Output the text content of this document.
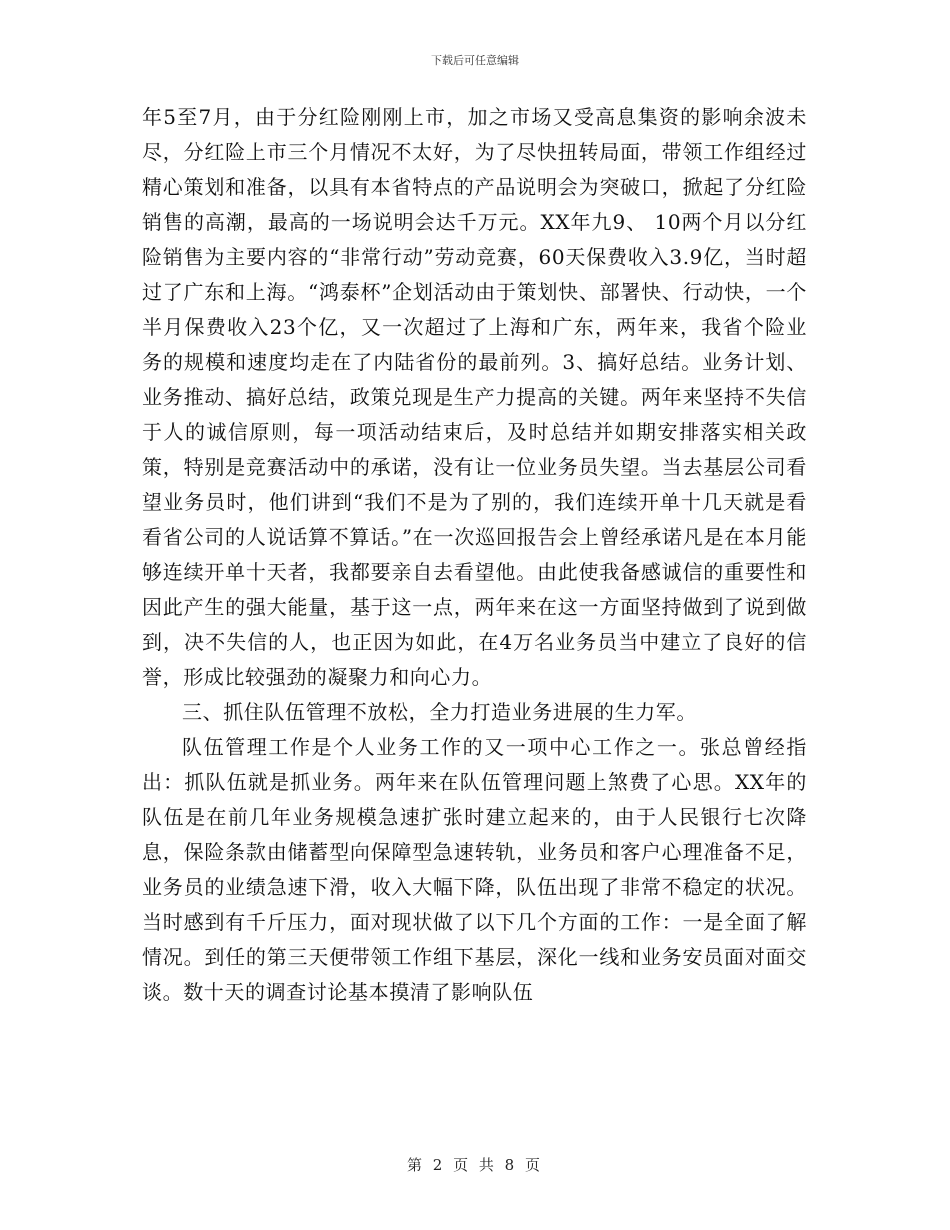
下载后可任意编辑

年5至7月，由于分红险刚刚上市，加之市场又受高息集资的影响余波未尽，分红险上市三个月情况不太好，为了尽快扭转局面，带领工作组经过精心策划和准备，以具有本省特点的产品说明会为突破口，掀起了分红险销售的高潮，最高的一场说明会达千万元。XX年九9、 10两个月以分红险销售为主要内容的“非常行动”劳动竞赛，60天保费收入3.9亿，当时超过了广东和上海。“鸿泰杯”企划活动由于策划快、部署快、行动快，一个半月保费收入23个亿，又一次超过了上海和广东，两年来，我省个险业务的规模和速度均走在了内陆省份的最前列。3、搞好总结。业务计划、业务推动、搞好总结，政策兑现是生产力提高的关键。两年来坚持不失信于人的诚信原则，每一项活动结束后，及时总结并如期安排落实相关政策，特别是竞赛活动中的承诺，没有让一位业务员失望。当去基层公司看望业务员时，他们讲到“我们不是为了别的，我们连续开单十几天就是看看省公司的人说话算不算话。”在一次巡回报告会上曾经承诺凡是在本月能够连续开单十天者，我都要亲自去看望他。由此使我备感诚信的重要性和因此产生的强大能量，基于这一点，两年来在这一方面坚持做到了说到做到，决不失信的人，也正因为如此，在4万名业务员当中建立了良好的信誉，形成比较强劲的凝聚力和向心力。

三、抓住队伍管理不放松，全力打造业务进展的生力军。

队伍管理工作是个人业务工作的又一项中心工作之一。张总曾经指出：抓队伍就是抓业务。两年来在队伍管理问题上煞费了心思。XX年的队伍是在前几年业务规模急速扩张时建立起来的，由于人民银行七次降息，保险条款由储蓄型向保障型急速转轨，业务员和客户心理准备不足，业务员的业绩急速下滑，收入大幅下降，队伍出现了非常不稳定的状况。当时感到有千斤压力，面对现状做了以下几个方面的工作：一是全面了解情况。到任的第三天便带领工作组下基层，深化一线和业务安员面对面交谈。数十天的调查讨论基本摸清了影响队伍

第 2 页 共 8 页
